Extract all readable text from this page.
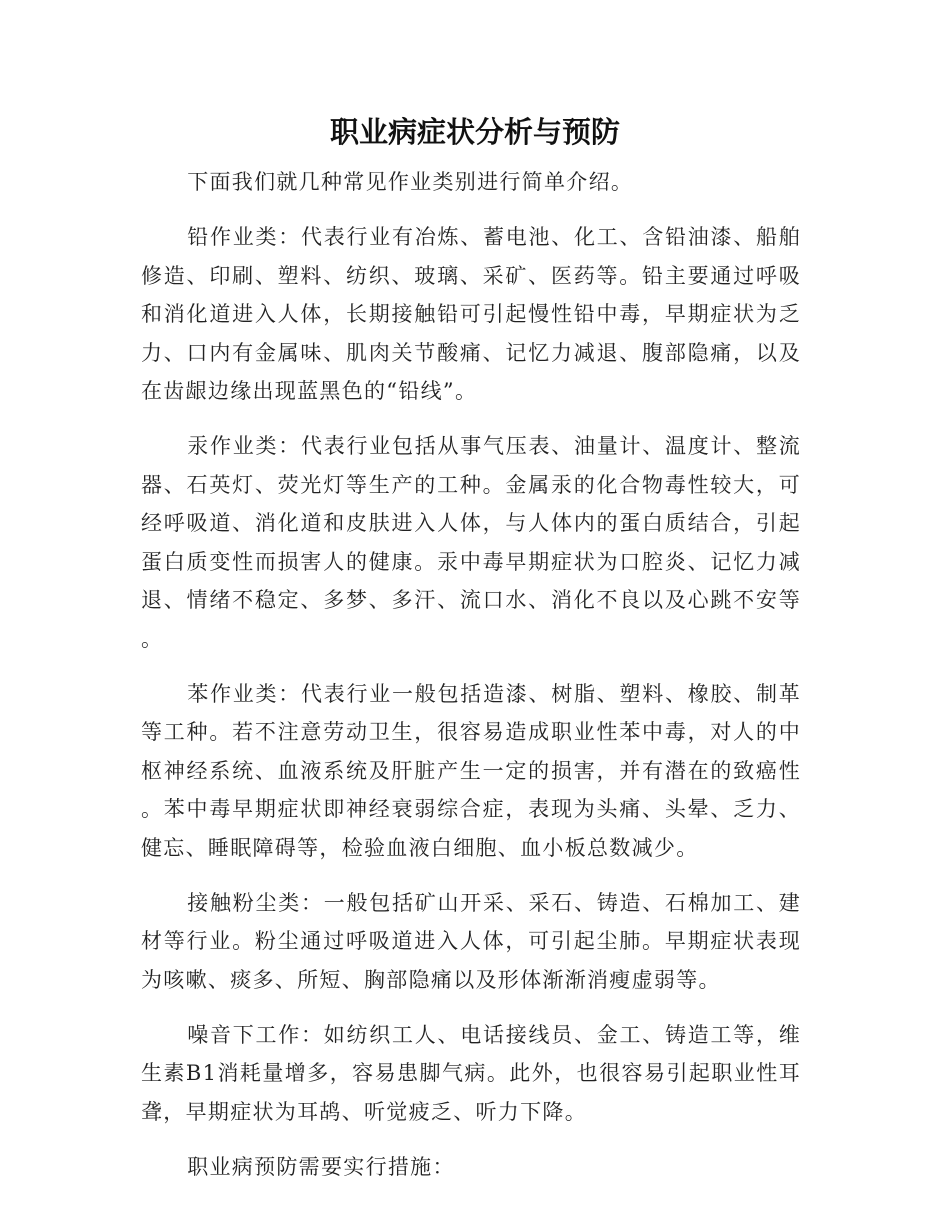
职业病症状分析与预防

下面我们就几种常见作业类别进行简单介绍。

铅作业类：代表行业有冶炼、蓄电池、化工、含铅油漆、船舶修造、印刷、塑料、纺织、玻璃、采矿、医药等。铅主要通过呼吸和消化道进入人体，长期接触铅可引起慢性铅中毒，早期症状为乏力、口内有金属味、肌肉关节酸痛、记忆力减退、腹部隐痛，以及在齿龈边缘出现蓝黑色的“铅线”。

汞作业类：代表行业包括从事气压表、油量计、温度计、整流器、石英灯、荧光灯等生产的工种。金属汞的化合物毒性较大，可经呼吸道、消化道和皮肤进入人体，与人体内的蛋白质结合，引起蛋白质变性而损害人的健康。汞中毒早期症状为口腔炎、记忆力减退、情绪不稳定、多梦、多汗、流口水、消化不良以及心跳不安等。

苯作业类：代表行业一般包括造漆、树脂、塑料、橡胶、制革等工种。若不注意劳动卫生，很容易造成职业性苯中毒，对人的中枢神经系统、血液系统及肝脏产生一定的损害，并有潜在的致癌性。苯中毒早期症状即神经衰弱综合症，表现为头痛、头晕、乏力、健忘、睡眠障碍等，检验血液白细胞、血小板总数减少。

接触粉尘类：一般包括矿山开采、采石、铸造、石棉加工、建材等行业。粉尘通过呼吸道进入人体，可引起尘肺。早期症状表现为咳嗽、痰多、所短、胸部隐痛以及形体渐渐消瘦虚弱等。

噪音下工作：如纺织工人、电话接线员、金工、铸造工等，维生素B1消耗量增多，容易患脚气病。此外，也很容易引起职业性耳聋，早期症状为耳鸪、听觉疲乏、听力下降。

职业病预防需要实行措施：
